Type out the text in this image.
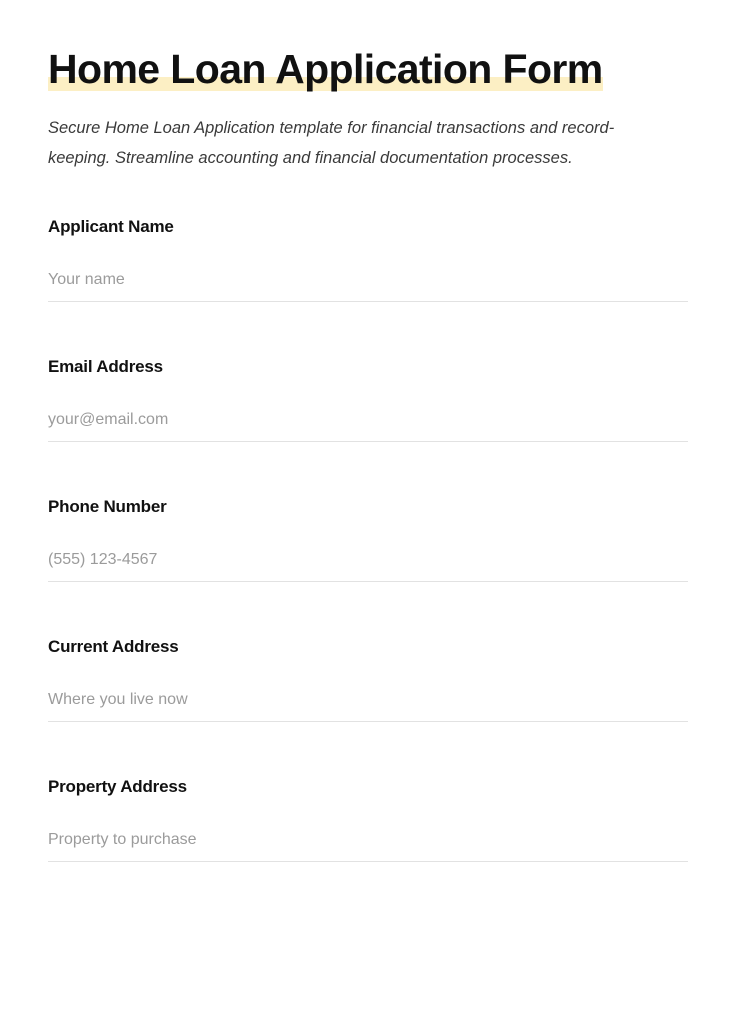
Home Loan Application Form

Secure Home Loan Application template for financial transactions and record-keeping. Streamline accounting and financial documentation processes.

Applicant Name
Your name
Email Address
your@email.com
Phone Number
(555) 123-4567
Current Address
Where you live now
Property Address
Property to purchase
